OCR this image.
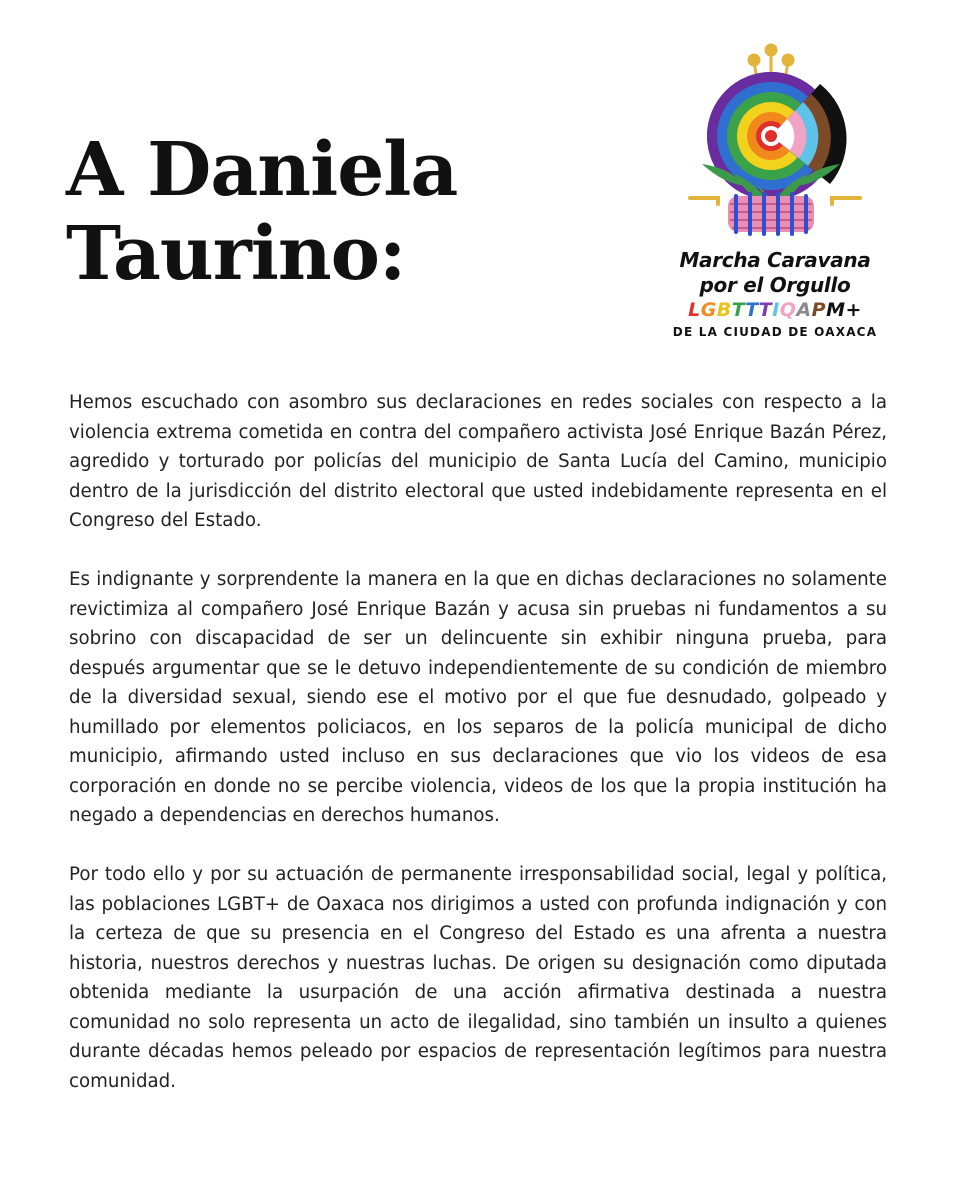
A Daniela
Taurino:	Marcha Caravana
por el Orgullo
LGBTTTIQAPM+
DE LA CIUDAD DE OAXACA

Hemos escuchado con asombro sus declaraciones en redes sociales con respecto a la violencia extrema cometida en contra del compañero activista José Enrique Bazán Pérez, agredido y torturado por policías del municipio de Santa Lucía del Camino, municipio dentro de la jurisdicción del distrito electoral que usted indebidamente representa en el Congreso del Estado.

Es indignante y sorprendente la manera en la que en dichas declaraciones no solamente revictimiza al compañero José Enrique Bazán y acusa sin pruebas ni fundamentos a su sobrino con discapacidad de ser un delincuente sin exhibir ninguna prueba, para después argumentar que se le detuvo independientemente de su condición de miembro de la diversidad sexual, siendo ese el motivo por el que fue desnudado, golpeado y humillado por elementos policiacos, en los separos de la policía municipal de dicho municipio, afirmando usted incluso en sus declaraciones que vio los videos de esa corporación en donde no se percibe violencia, videos de los que la propia institución ha negado a dependencias en derechos humanos.

Por todo ello y por su actuación de permanente irresponsabilidad social, legal y política, las poblaciones LGBT+ de Oaxaca nos dirigimos a usted con profunda indignación y con la certeza de que su presencia en el Congreso del Estado es una afrenta a nuestra historia, nuestros derechos y nuestras luchas. De origen su designación como diputada obtenida mediante la usurpación de una acción afirmativa destinada a nuestra comunidad no solo representa un acto de ilegalidad, sino también un insulto a quienes durante décadas hemos peleado por espacios de representación legítimos para nuestra comunidad.
